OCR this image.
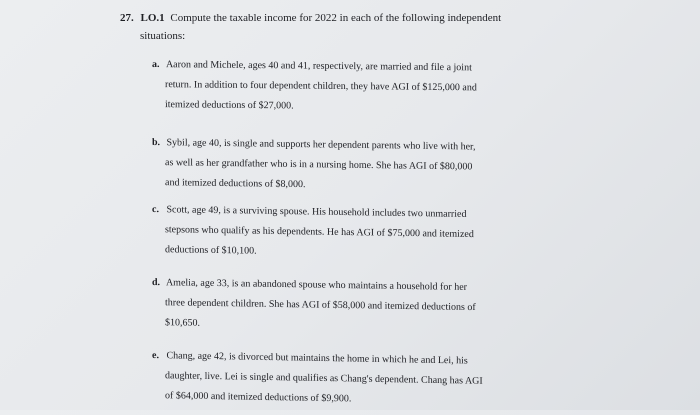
27. LO.1 Compute the taxable income for 2022 in each of the following independent
situations:
a. Aaron and Michele, ages 40 and 41, respectively, are married and file a joint
return. In addition to four dependent children, they have AGI of $125,000 and
itemized deductions of $27,000.
b. Sybil, age 40, is single and supports her dependent parents who live with her,
as well as her grandfather who is in a nursing home. She has AGI of $80,000
and itemized deductions of $8,000.
c. Scott, age 49, is a surviving spouse. His household includes two unmarried
stepsons who qualify as his dependents. He has AGI of $75,000 and itemized
deductions of $10,100.
d. Amelia, age 33, is an abandoned spouse who maintains a household for her
three dependent children. She has AGI of $58,000 and itemized deductions of
$10,650.
e. Chang, age 42, is divorced but maintains the home in which he and Lei, his
daughter, live. Lei is single and qualifies as Chang's dependent. Chang has AGI
of $64,000 and itemized deductions of $9,900.
